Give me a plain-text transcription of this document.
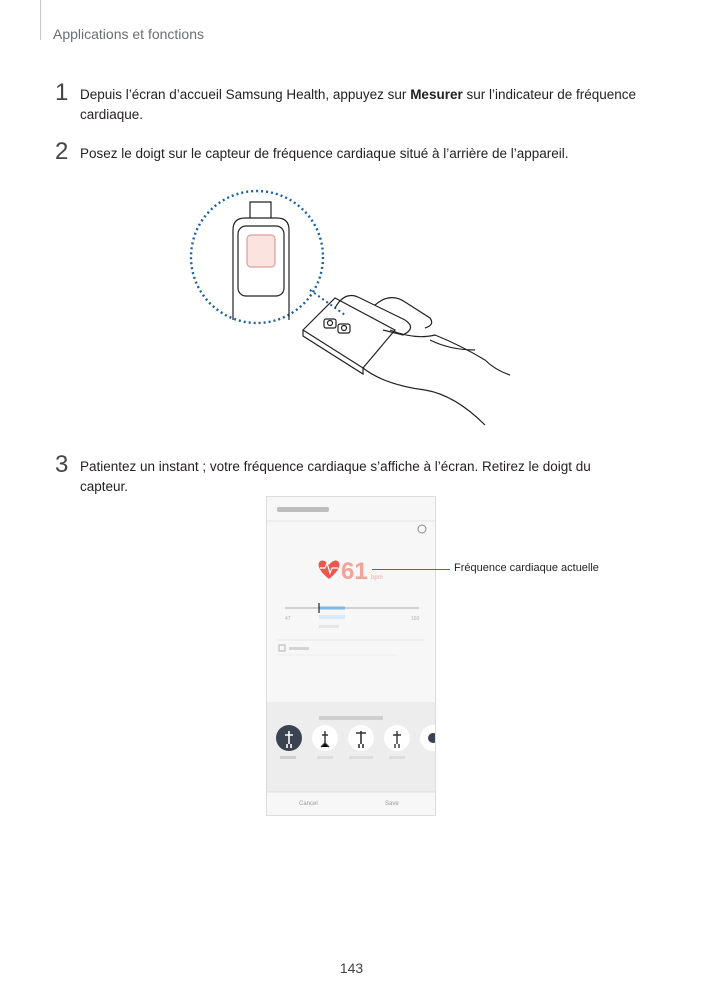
Applications et fonctions
1 Depuis l’écran d’accueil Samsung Health, appuyez sur Mesurer sur l’indicateur de fréquence cardiaque.
2 Posez le doigt sur le capteur de fréquence cardiaque situé à l’arrière de l’appareil.
3 Patientez un instant ; votre fréquence cardiaque s’affiche à l’écran. Retirez le doigt du capteur.
61 bpm
47	160
Cancel	Save
Fréquence cardiaque actuelle
143
